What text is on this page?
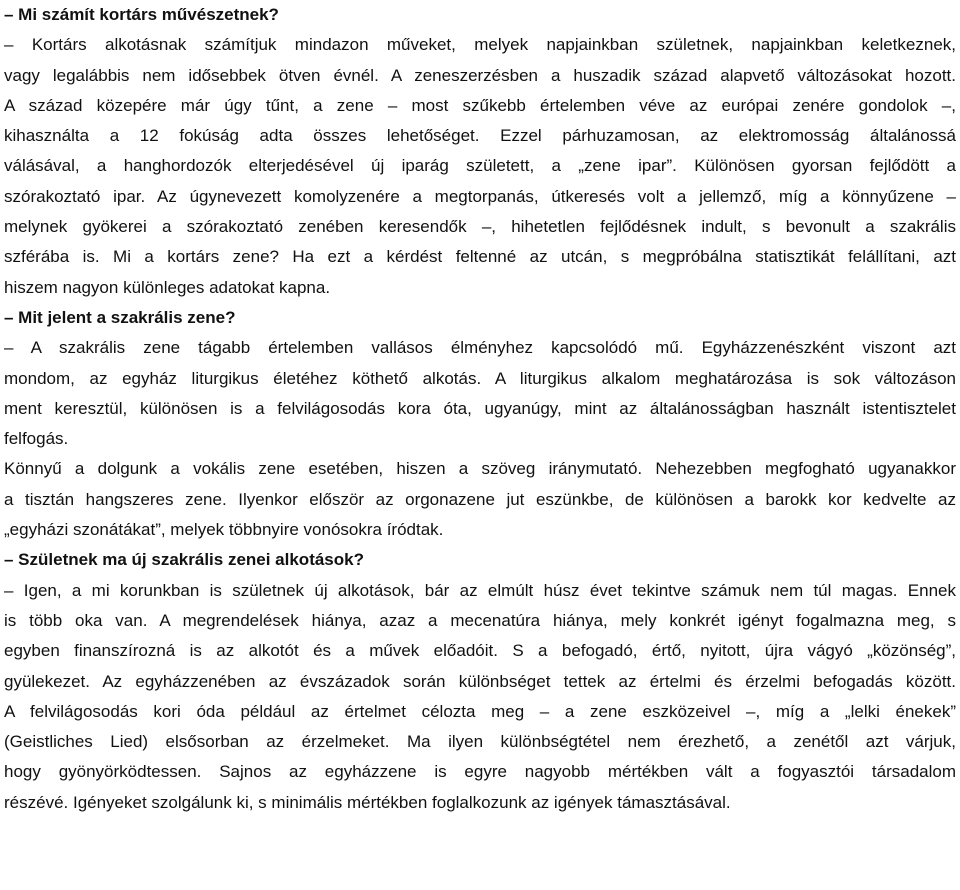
– Mi számít kortárs művészetnek?
– Kortárs alkotásnak számítjuk mindazon műveket, melyek napjainkban születnek, napjainkban keletkeznek,
vagy legalábbis nem idősebbek ötven évnél. A zeneszerzésben a huszadik század alapvető változásokat hozott.
A század közepére már úgy tűnt, a zene – most szűkebb értelemben véve az európai zenére gondolok –,
kihasználta a 12 fokúság adta összes lehetőséget. Ezzel párhuzamosan, az elektromosság általánossá
válásával, a hanghordozók elterjedésével új iparág született, a „zene ipar”. Különösen gyorsan fejlődött a
szórakoztató ipar. Az úgynevezett komolyzenére a megtorpanás, útkeresés volt a jellemző, míg a könnyűzene –
melynek gyökerei a szórakoztató zenében keresendők –, hihetetlen fejlődésnek indult, s bevonult a szakrális
szférába is. Mi a kortárs zene? Ha ezt a kérdést feltenné az utcán, s megpróbálna statisztikát felállítani, azt
hiszem nagyon különleges adatokat kapna.
– Mit jelent a szakrális zene?
– A szakrális zene tágabb értelemben vallásos élményhez kapcsolódó mű. Egyházzenészként viszont azt
mondom, az egyház liturgikus életéhez köthető alkotás. A liturgikus alkalom meghatározása is sok változáson
ment keresztül, különösen is a felvilágosodás kora óta, ugyanúgy, mint az általánosságban használt istentisztelet
felfogás.
Könnyű a dolgunk a vokális zene esetében, hiszen a szöveg iránymutató. Nehezebben megfogható ugyanakkor
a tisztán hangszeres zene. Ilyenkor először az orgonazene jut eszünkbe, de különösen a barokk kor kedvelte az
„egyházi szonátákat”, melyek többnyire vonósokra íródtak.
– Születnek ma új szakrális zenei alkotások?
– Igen, a mi korunkban is születnek új alkotások, bár az elmúlt húsz évet tekintve számuk nem túl magas. Ennek
is több oka van. A megrendelések hiánya, azaz a mecenatúra hiánya, mely konkrét igényt fogalmazna meg, s
egyben finanszírozná is az alkotót és a művek előadóit. S a befogadó, értő, nyitott, újra vágyó „közönség”,
gyülekezet. Az egyházzenében az évszázadok során különbséget tettek az értelmi és érzelmi befogadás között.
A felvilágosodás kori óda például az értelmet célozta meg – a zene eszközeivel –, míg a „lelki énekek”
(Geistliches Lied) elsősorban az érzelmeket. Ma ilyen különbségtétel nem érezhető, a zenétől azt várjuk,
hogy gyönyörködtessen. Sajnos az egyházzene is egyre nagyobb mértékben vált a fogyasztói társadalom
részévé. Igényeket szolgálunk ki, s minimális mértékben foglalkozunk az igények támasztásával.
